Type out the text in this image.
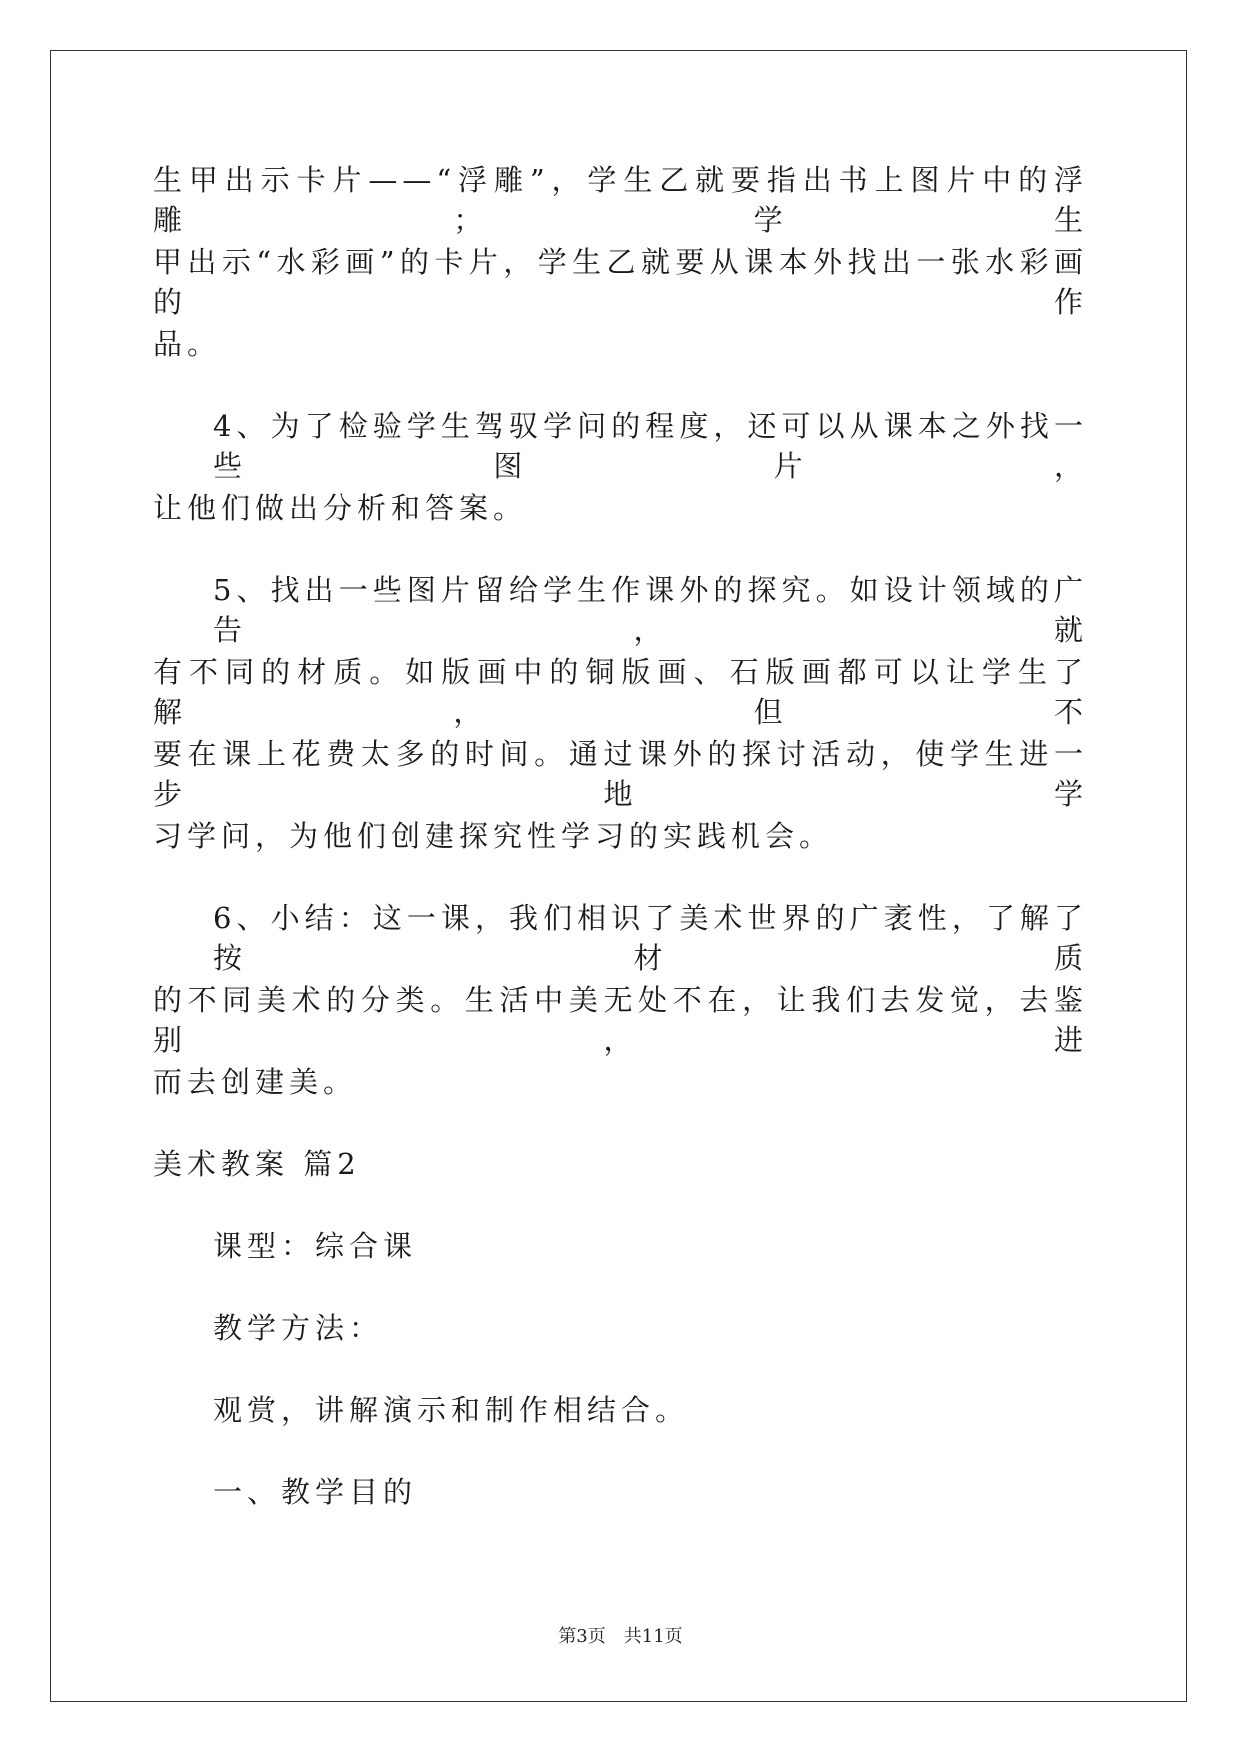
生甲出示卡片——“浮雕”，学生乙就要指出书上图片中的浮雕；学生
甲出示“水彩画”的卡片，学生乙就要从课本外找出一张水彩画的作
品。
4、为了检验学生驾驭学问的程度，还可以从课本之外找一些图片，
让他们做出分析和答案。
5、找出一些图片留给学生作课外的探究。如设计领域的广告，就
有不同的材质。如版画中的铜版画、石版画都可以让学生了解，但不
要在课上花费太多的时间。通过课外的探讨活动，使学生进一步地学
习学问，为他们创建探究性学习的实践机会。
6、小结：这一课，我们相识了美术世界的广袤性，了解了按材质
的不同美术的分类。生活中美无处不在，让我们去发觉，去鉴别，进
而去创建美。
美术教案 篇2
课型：综合课
教学方法：
观赏，讲解演示和制作相结合。
一、教学目的
第3页 共11页
